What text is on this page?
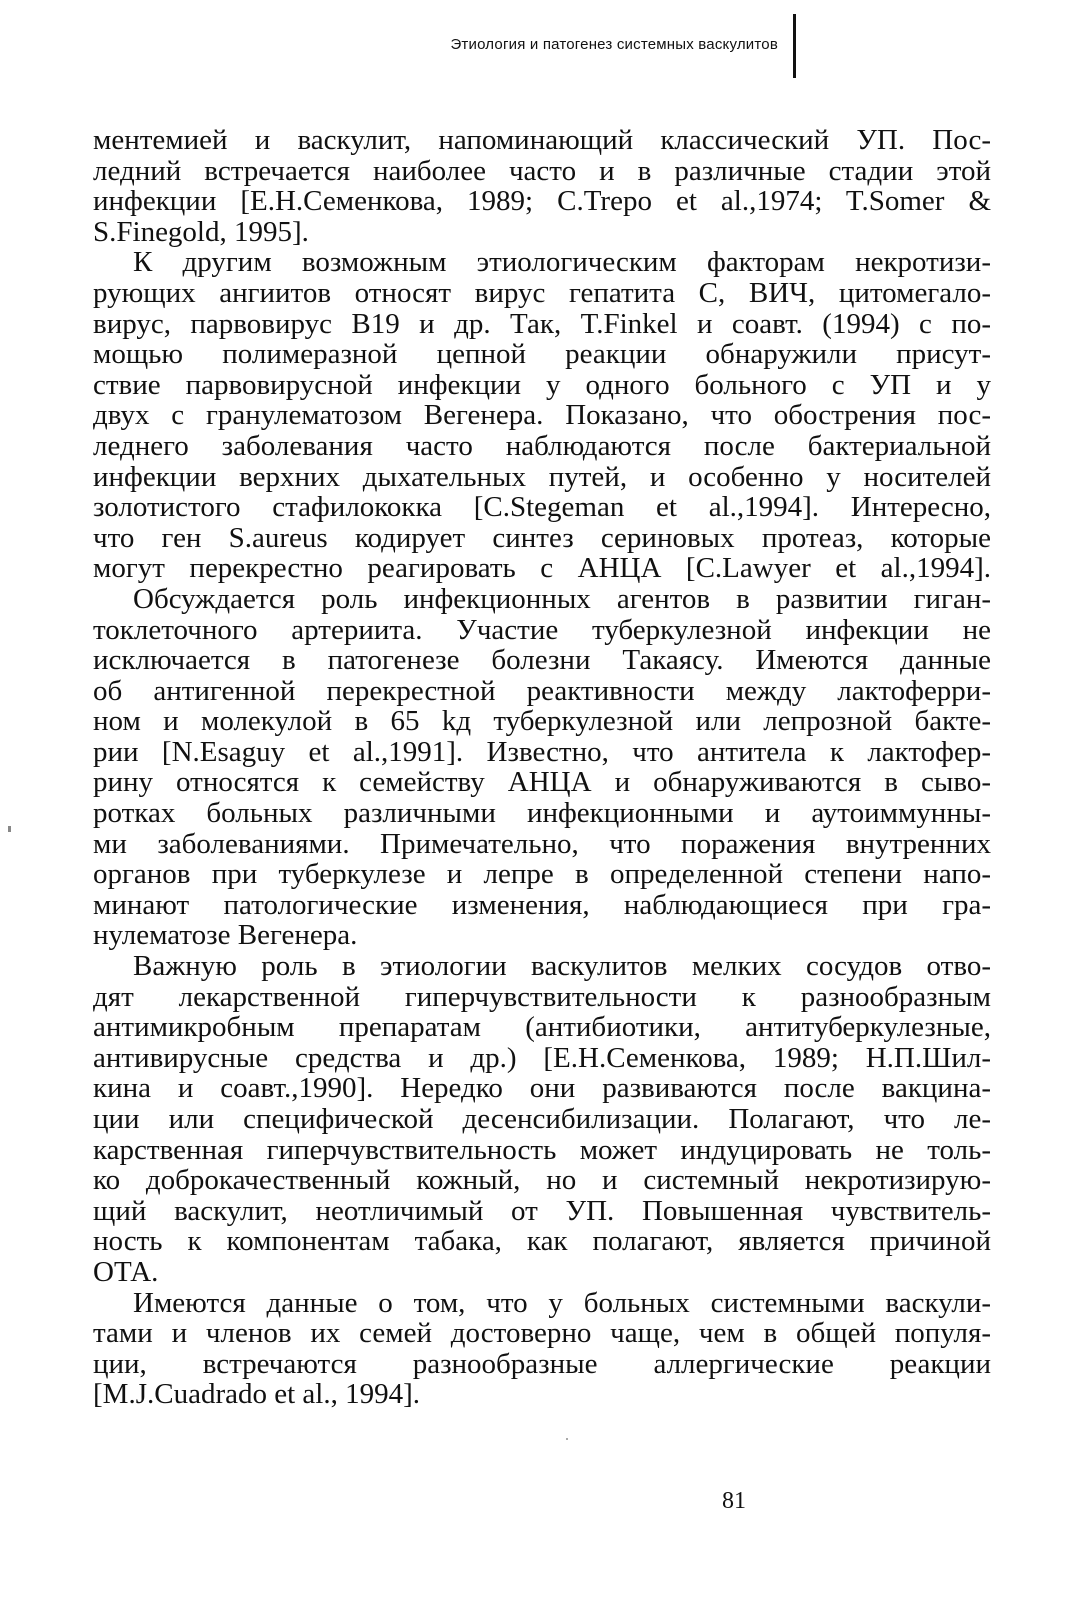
Этиология и патогенез системных васкулитов

ментемией и васкулит, напоминающий классический УП. Пос-
ледний встречается наиболее часто и в различные стадии этой
инфекции [Е.Н.Семенкова, 1989; C.Trepo et al.,1974; T.Somer &
S.Finegold, 1995].

К другим возможным этиологическим факторам некротизи-
рующих ангиитов относят вирус гепатита С, ВИЧ, цитомегало-
вирус, парвовирус В19 и др. Так, T.Finkel и соавт. (1994) с по-
мощью полимеразной цепной реакции обнаружили присут-
ствие парвовирусной инфекции у одного больного с УП и у
двух с гранулематозом Вегенера. Показано, что обострения пос-
леднего заболевания часто наблюдаются после бактериальной
инфекции верхних дыхательных путей, и особенно у носителей
золотистого стафилококка [C.Stegeman et al.,1994]. Интересно,
что ген S.aureus кодирует синтез сериновых протеаз, которые
могут перекрестно реагировать с АНЦА [C.Lawyer et al.,1994].
Обсуждается роль инфекционных агентов в развитии гиган-
токлеточного артериита. Участие туберкулезной инфекции не
исключается в патогенезе болезни Такаясу. Имеются данные
об антигенной перекрестной реактивности между лактоферри-
ном и молекулой в 65 kд туберкулезной или лепрозной бакте-
рии [N.Esaguy et al.,1991]. Известно, что антитела к лактофер-
рину относятся к семейству АНЦА и обнаруживаются в сыво-
ротках больных различными инфекционными и аутоиммунны-
ми заболеваниями. Примечательно, что поражения внутренних
органов при туберкулезе и лепре в определенной степени напо-
минают патологические изменения, наблюдающиеся при гра-
нулематозе Вегенера.

Важную роль в этиологии васкулитов мелких сосудов отво-
дят лекарственной гиперчувствительности к разнообразным
антимикробным препаратам (антибиотики, антитуберкулезные,
антивирусные средства и др.) [Е.Н.Семенкова, 1989; Н.П.Шил-
кина и соавт.,1990]. Нередко они развиваются после вакцина-
ции или специфической десенсибилизации. Полагают, что ле-
карственная гиперчувствительность может индуцировать не толь-
ко доброкачественный кожный, но и системный некротизирую-
щий васкулит, неотличимый от УП. Повышенная чувствитель-
ность к компонентам табака, как полагают, является причиной
ОТА.

Имеются данные о том, что у больных системными васкули-
тами и членов их семей достоверно чаще, чем в общей популя-
ции, встречаются разнообразные аллергические реакции
[M.J.Cuadrado et al., 1994].

81
